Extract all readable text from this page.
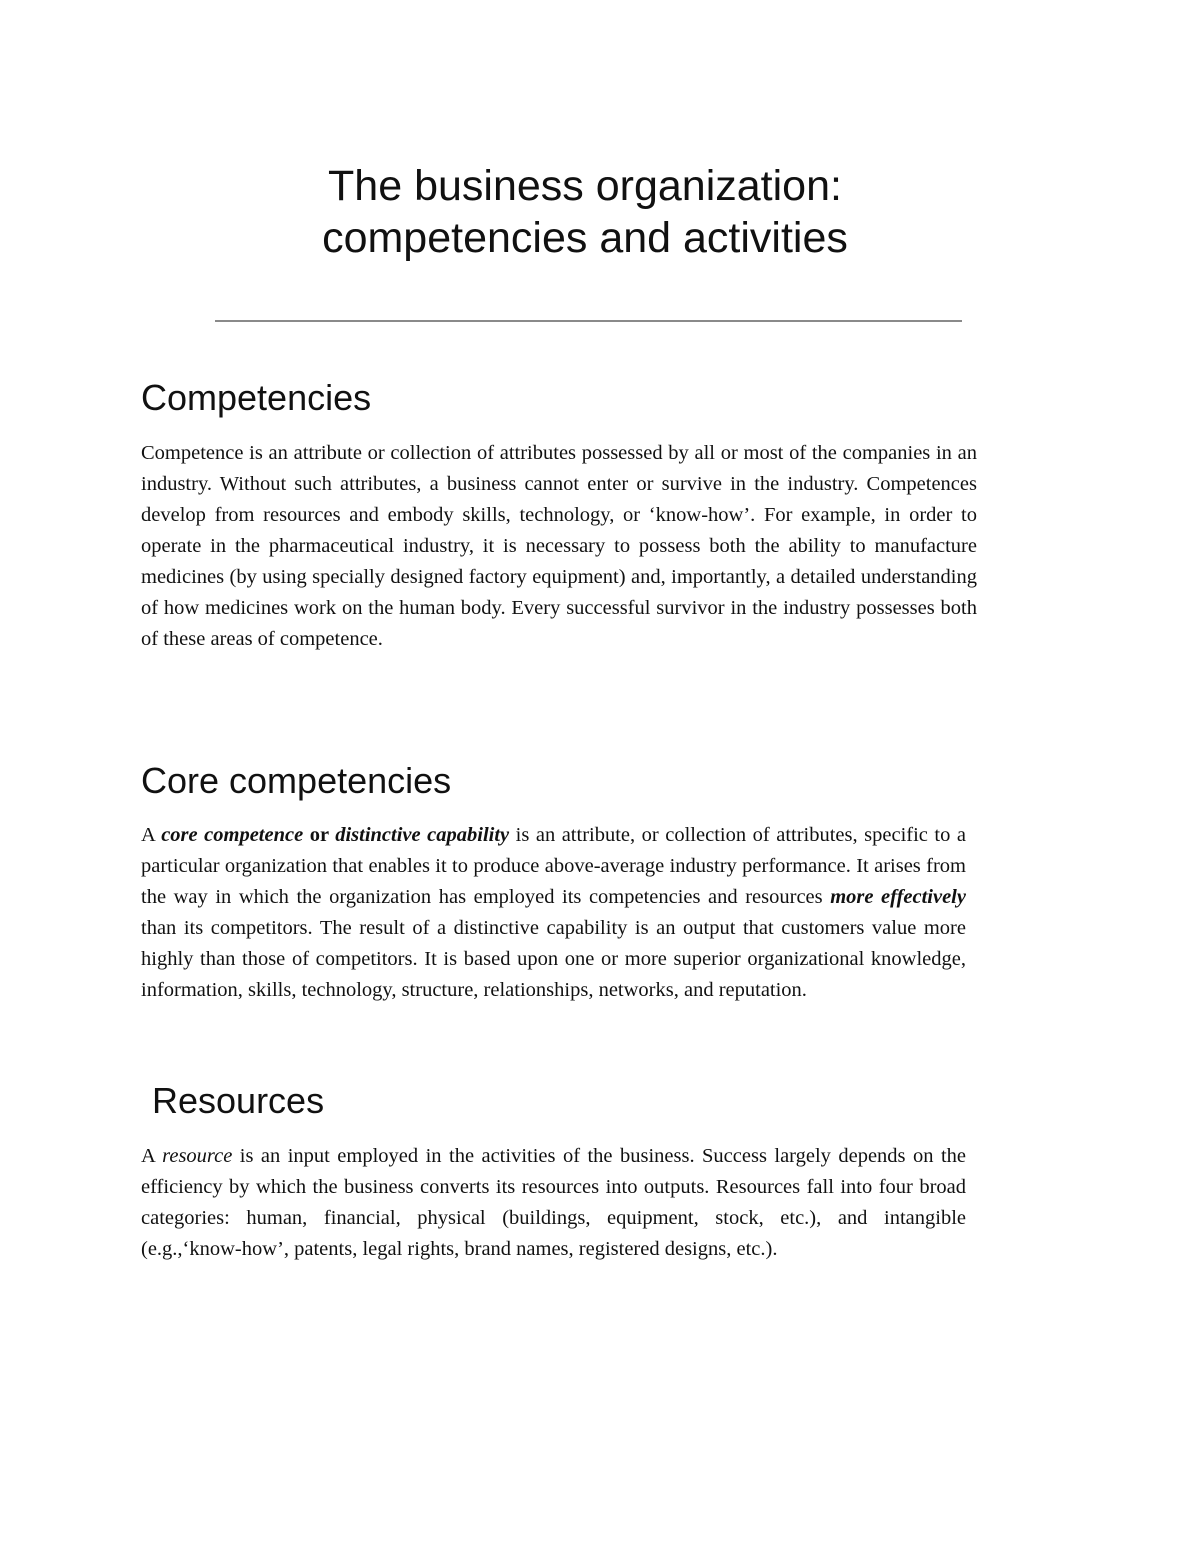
The business organization:
competencies and activities
Competencies

Competence is an attribute or collection of attributes possessed by all or most of the companies in an industry. Without such attributes, a business cannot enter or survive in the industry. Competences develop from resources and embody skills, technology, or ‘know-how’. For example, in order to operate in the pharmaceutical industry, it is necessary to possess both the ability to manufacture medicines (by using specially designed factory equipment) and, importantly, a detailed understanding of how medicines work on the human body. Every successful survivor in the industry possesses both of these areas of competence.

Core competencies

A core competence or distinctive capability is an attribute, or collection of attributes, specific to a particular organization that enables it to produce above-average industry performance. It arises from the way in which the organization has employed its competencies and resources more effectively than its competitors. The result of a distinctive capability is an output that customers value more highly than those of competitors. It is based upon one or more superior organizational knowledge, information, skills, technology, structure, relationships, networks, and reputation.

Resources

A resource is an input employed in the activities of the business. Success largely depends on the efficiency by which the business converts its resources into outputs. Resources fall into four broad categories: human, financial, physical (buildings, equipment, stock, etc.), and intangible (e.g.,‘know-how’, patents, legal rights, brand names, registered designs, etc.).
